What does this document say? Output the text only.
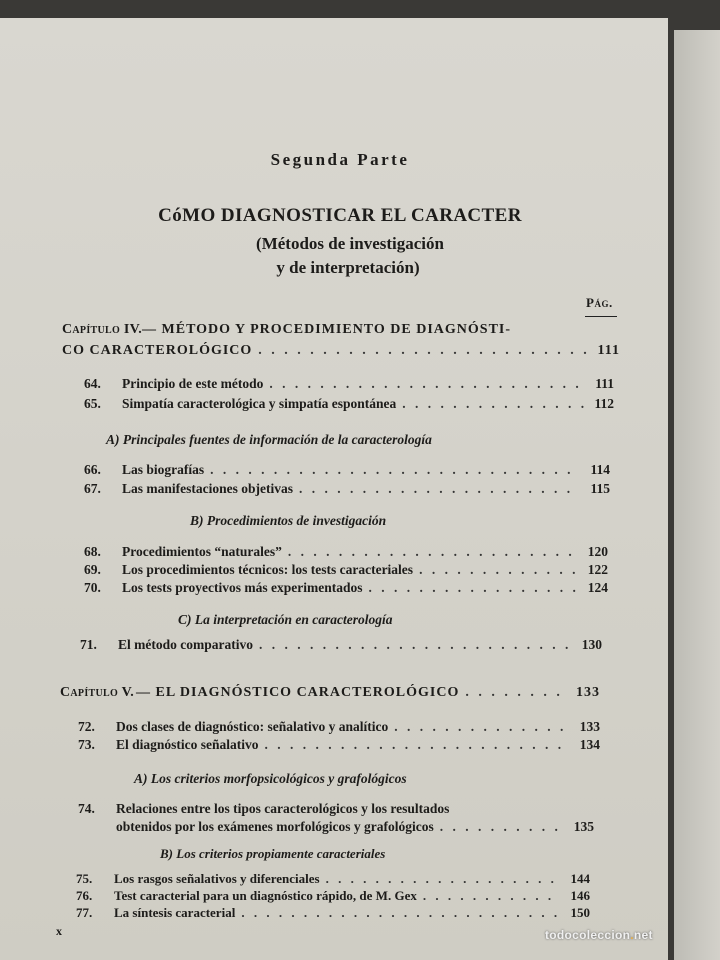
Segunda Parte
CóMO DIAGNOSTICAR EL CARACTER
(Métodos de investigación
y de interpretación)
Pág.
Capítulo IV. — MÉTODO Y PROCEDIMIENTO DE DIAGNÓSTI-
CO CARACTEROLÓGICO . . .	111
64.	Principio de este método . . .	111
65.	Simpatía caracterológica y simpatía espontánea . . .	112
A) Principales fuentes de información de la caracterología
66.	Las biografías . . .	114
67.	Las manifestaciones objetivas . . .	115
B) Procedimientos de investigación
68.	Procedimientos “naturales” . . .	120
69.	Los procedimientos técnicos: los tests caracteriales . . .	122
70.	Los tests proyectivos más experimentados . . .	124
C) La interpretación en caracterología
71.	El método comparativo . . .	130
Capítulo V. — EL DIAGNÓSTICO CARACTEROLÓGICO . . .	133
72.	Dos clases de diagnóstico: señalativo y analítico . . .	133
73.	El diagnóstico señalativo . . .	134
A) Los criterios morfopsicológicos y grafológicos
74.	Relaciones entre los tipos caracterológicos y los resultados
obtenidos por los exámenes morfológicos y grafológicos . . .	135
B) Los criterios propiamente caracteriales
75.	Los rasgos señalativos y diferenciales . . .	144
76.	Test caracterial para un diagnóstico rápido, de M. Gex . . .	146
77.	La síntesis caracterial . . .	150
x	todocoleccion.net
